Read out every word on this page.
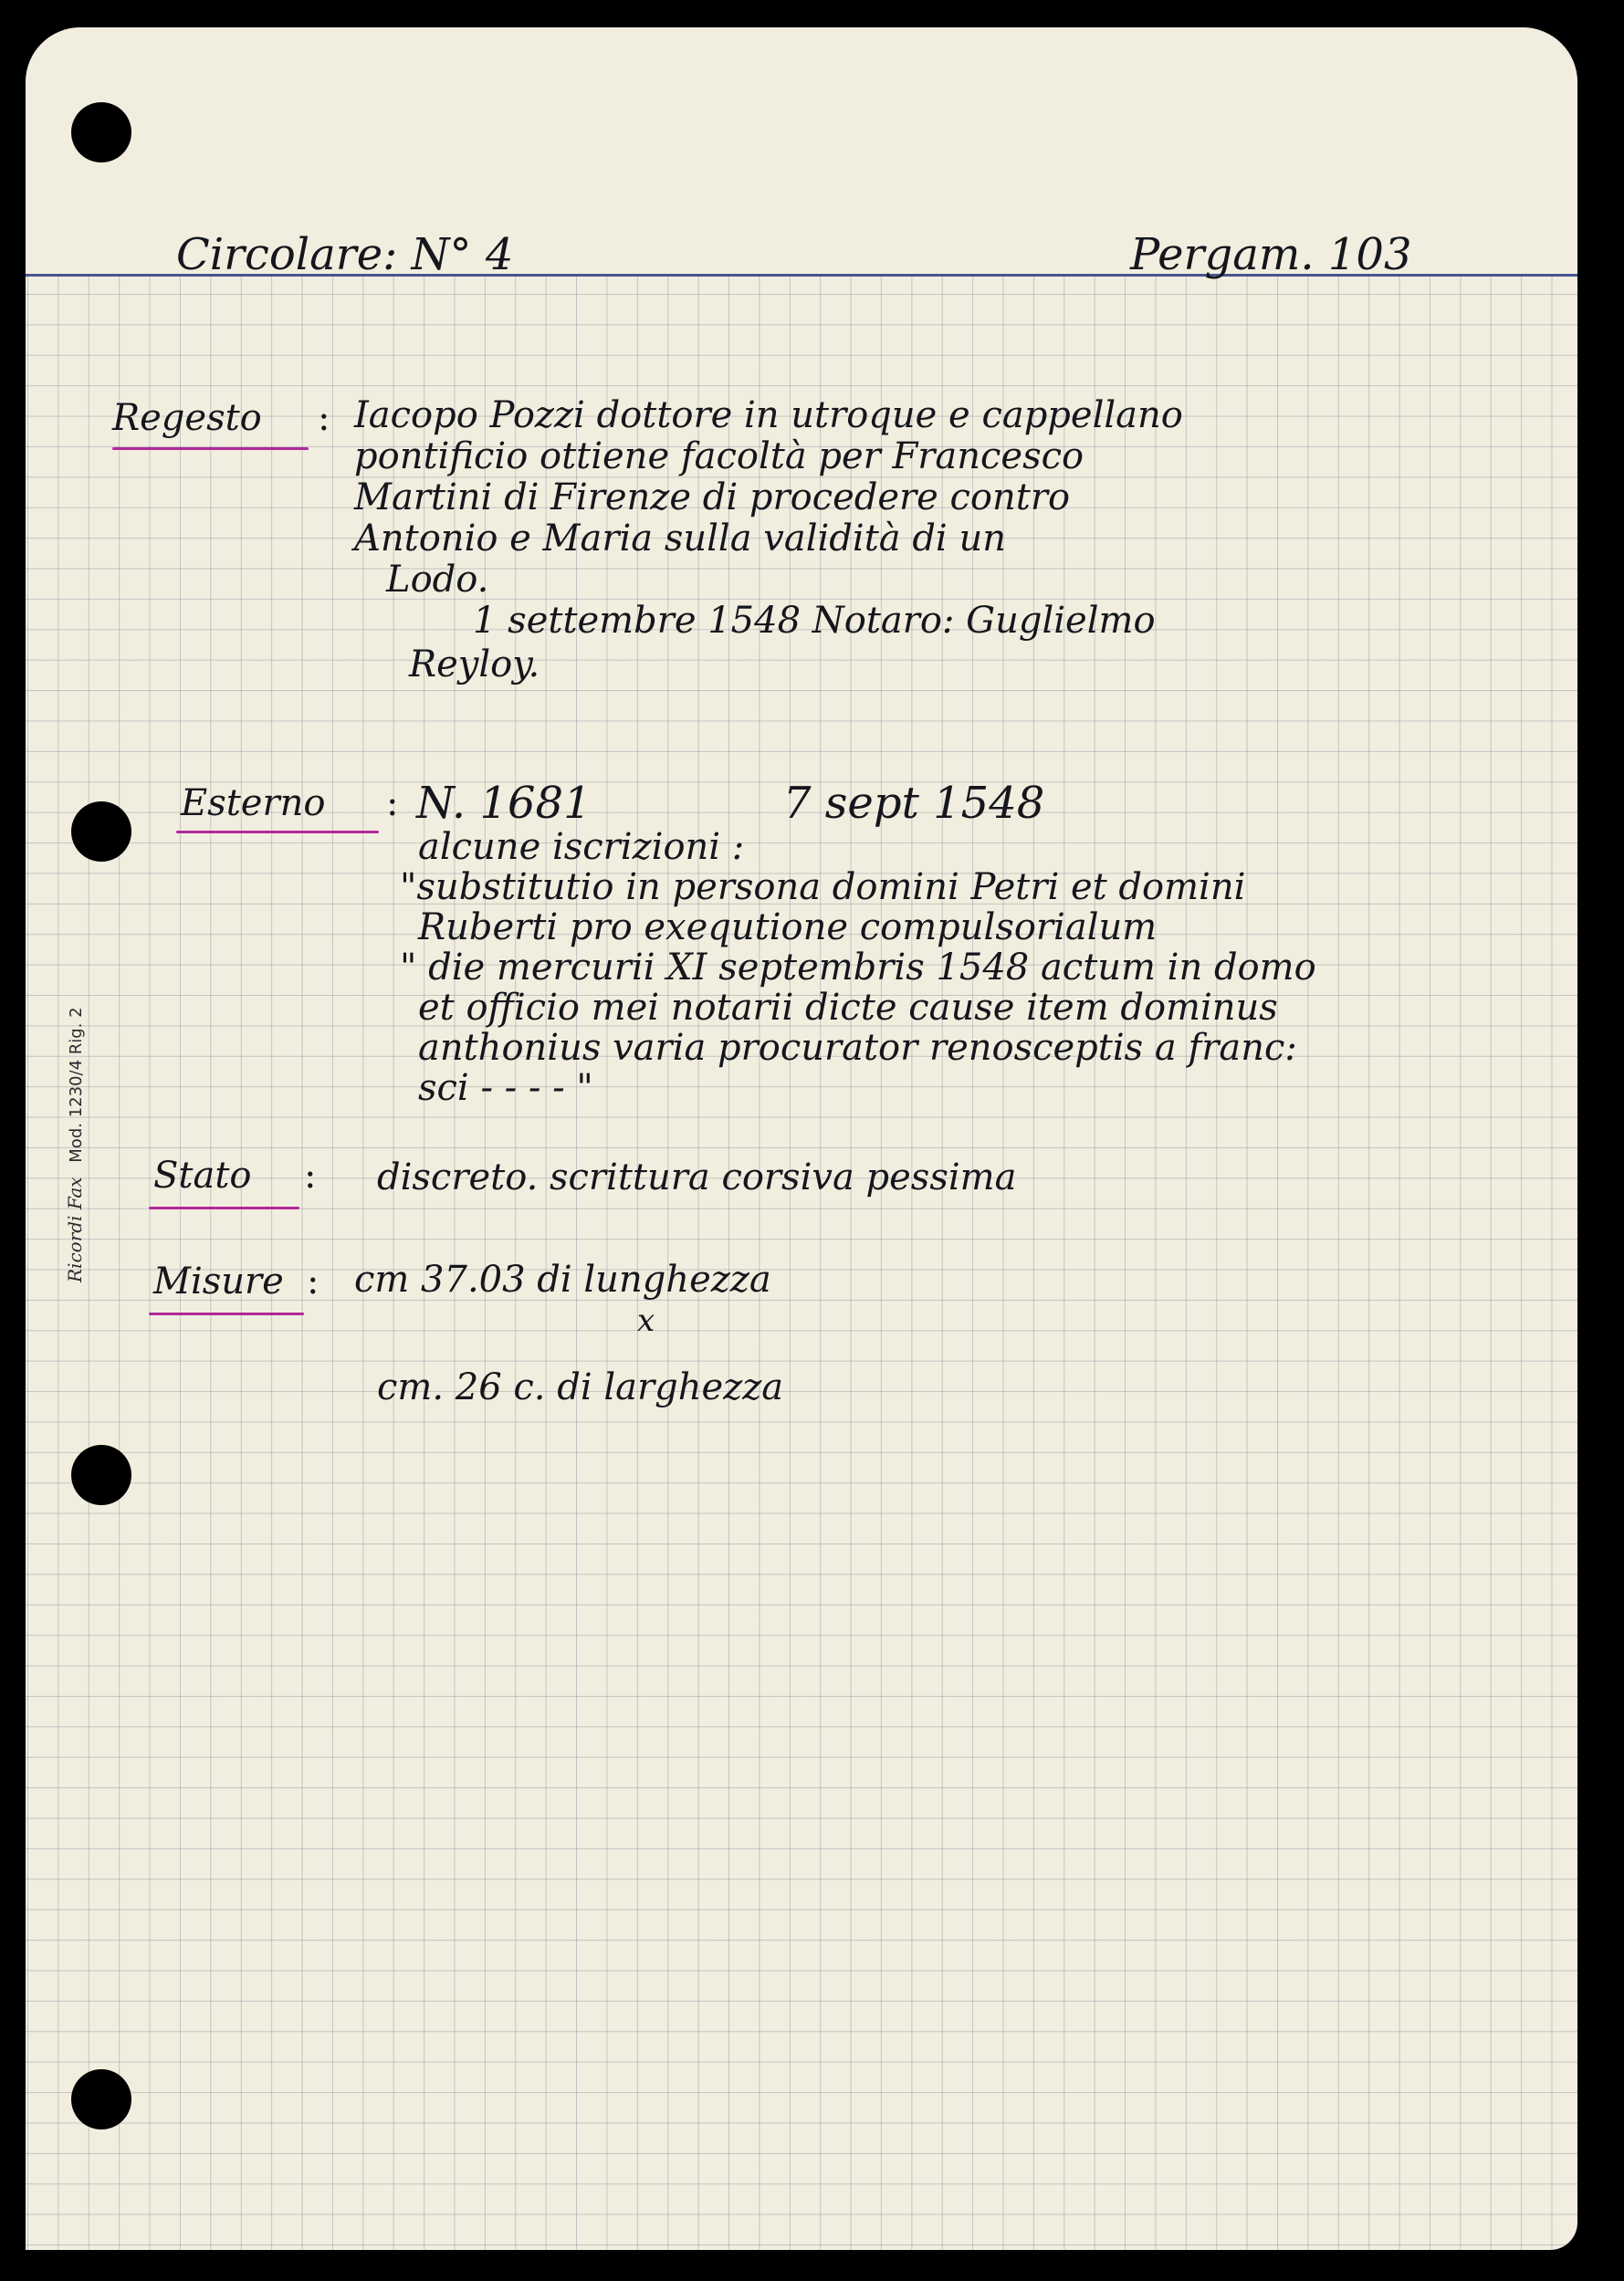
Circolare: N° 4	Pergam. 103
Regesto : Iacopo Pozzi dottore in utroque e cappellano
pontificio ottiene facoltà per Francesco
Martini di Firenze di procedere contro
Antonio e Maria sulla validità di un
Lodo.
1 settembre 1548 Notaro: Guglielmo
Reyloy.
Esterno : N. 1681	7 sept 1548
alcune iscrizioni :
"substitutio in persona domini Petri et domini
Ruberti pro exequtione compulsorialum
" die mercurii XI septembris 1548 actum in domo
et officio mei notarii dicte cause item dominus
anthonius varia procurator renosceptis a franc:
sci - - - - "
Stato : discreto. scrittura corsiva pessima
Misure : cm 37.03 di lunghezza
x
cm. 26 c. di larghezza
Ricordi Fax Mod. 1230/4 Rig. 2
